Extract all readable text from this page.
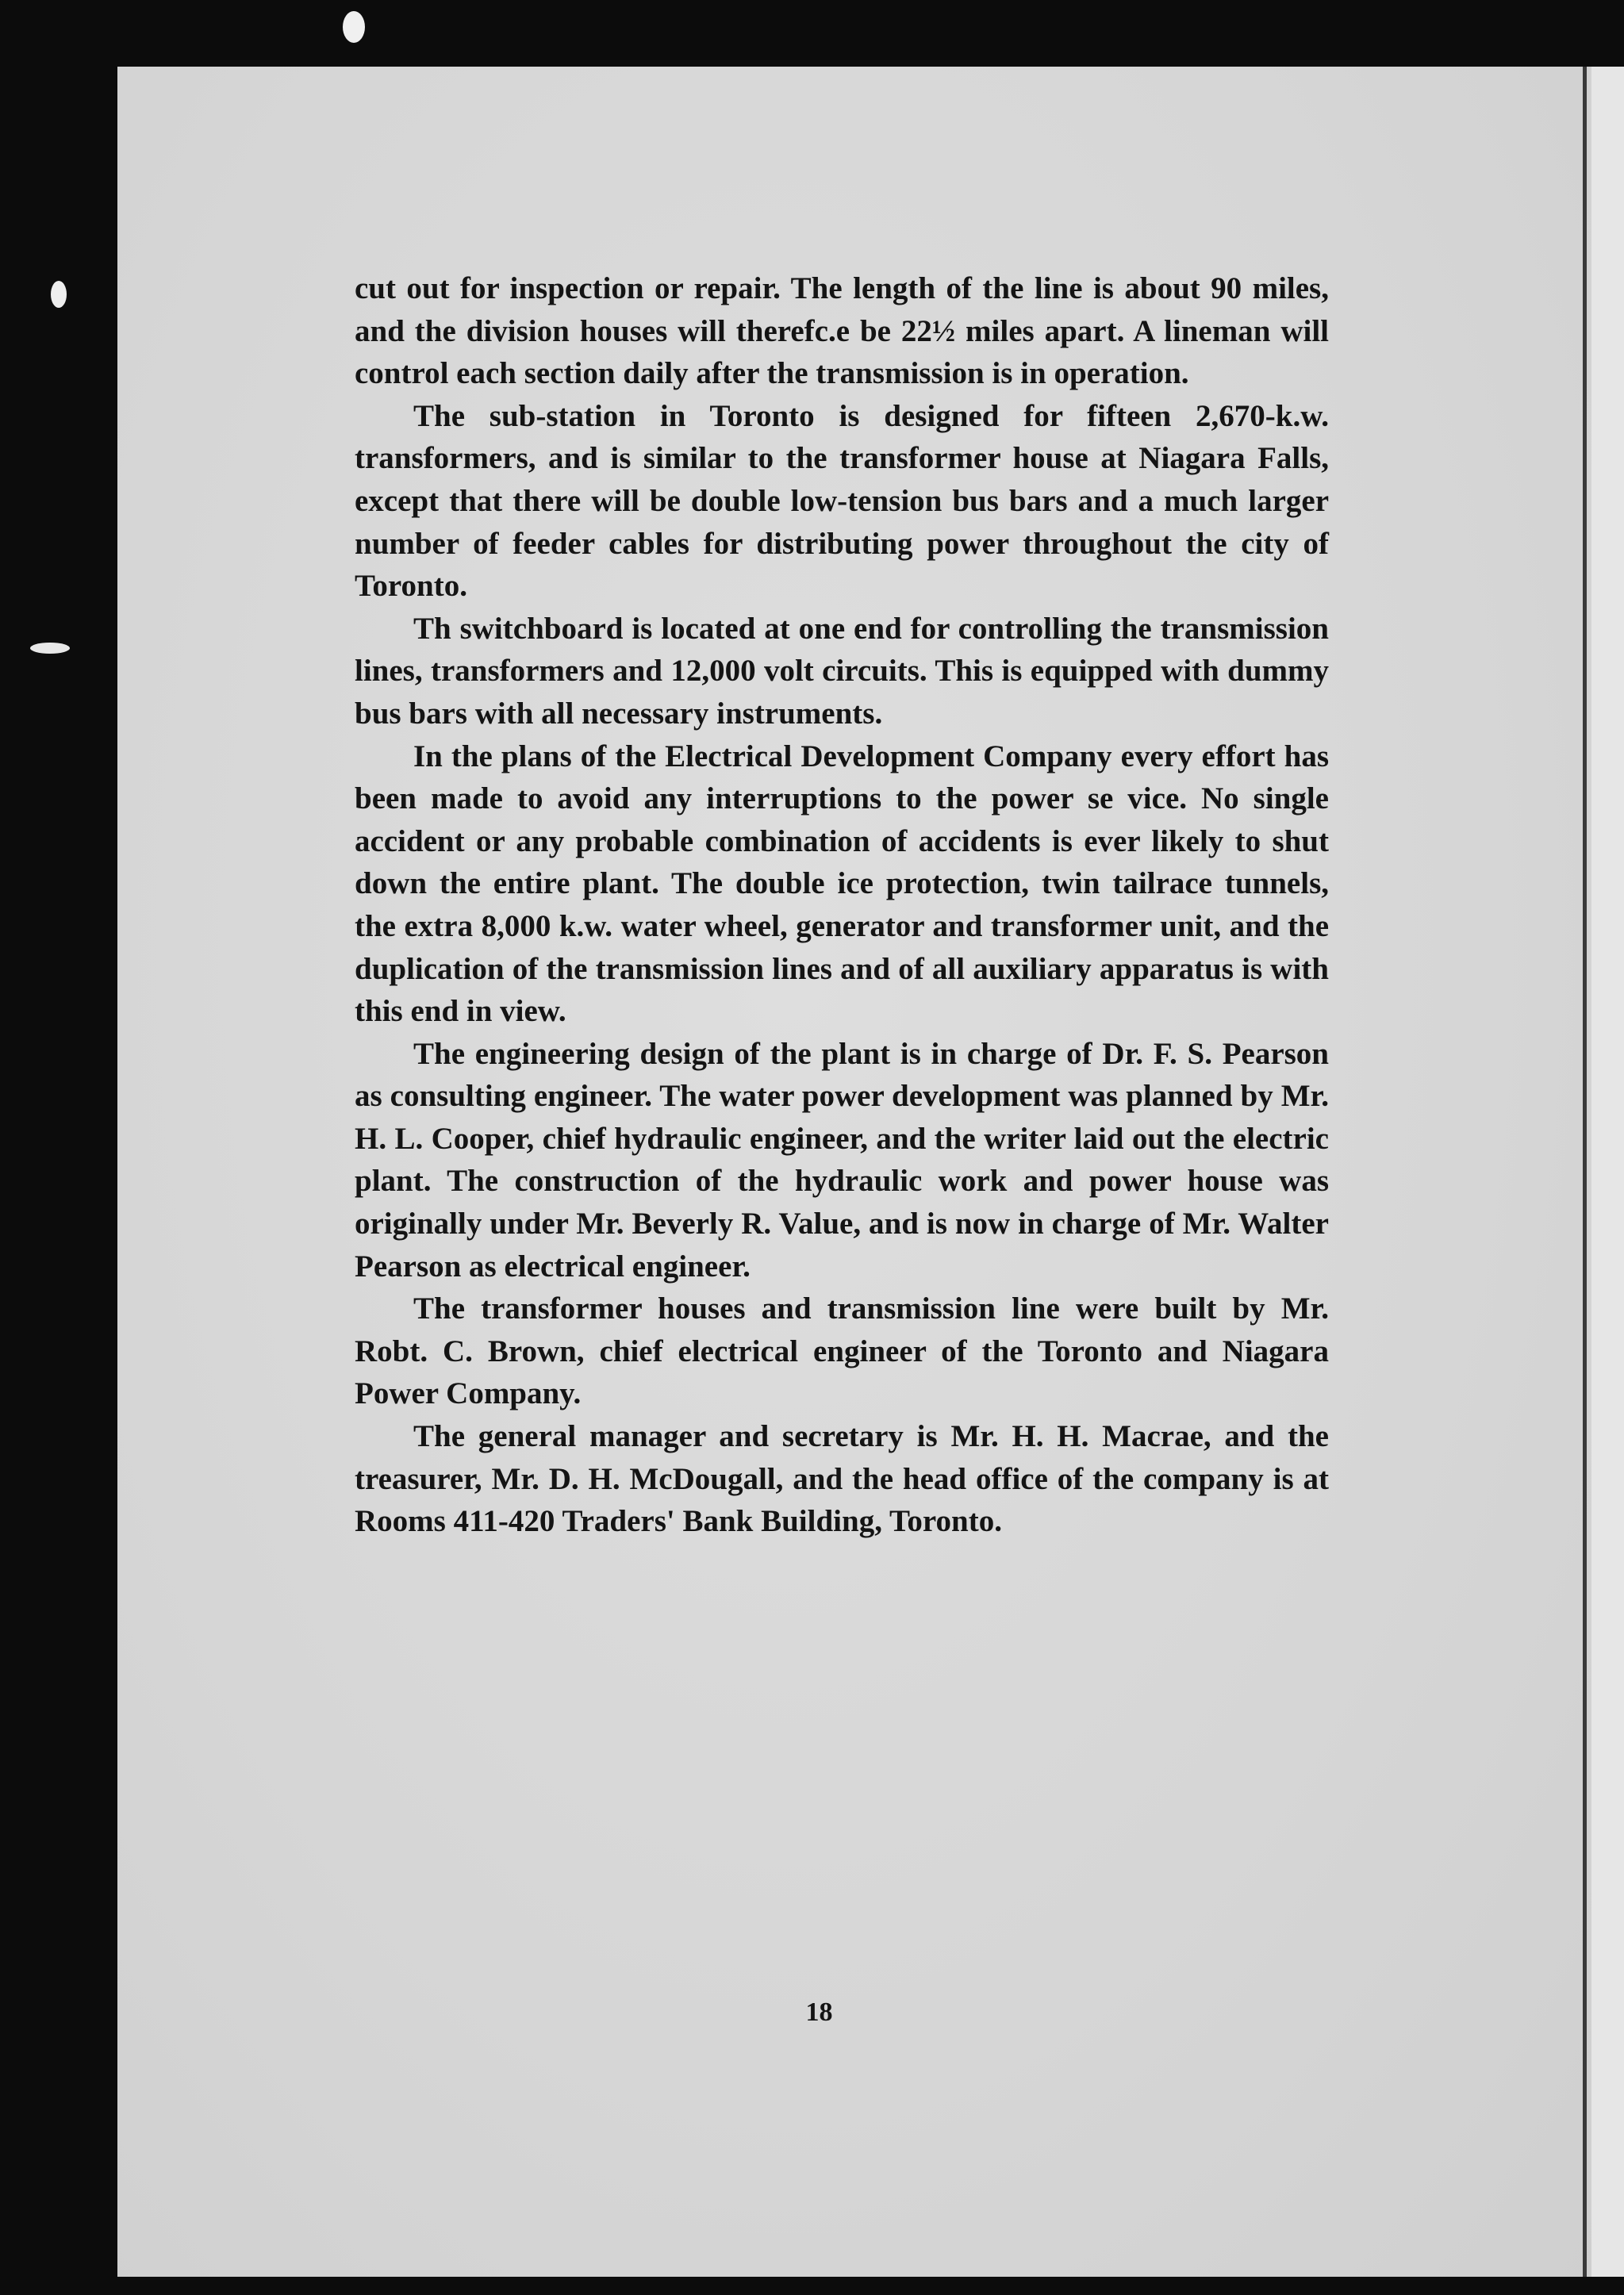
cut out for inspection or repair. The length of the line is about 90 miles, and the division houses will therefc.e be 22½ miles apart. A lineman will control each section daily after the transmission is in operation.

The sub-station in Toronto is designed for fifteen 2,670-k.w. transformers, and is similar to the transformer house at Niagara Falls, except that there will be double low-tension bus bars and a much larger number of feeder cables for distributing power throughout the city of Toronto.

Th switchboard is located at one end for controlling the transmission lines, transformers and 12,000 volt circuits. This is equipped with dummy bus bars with all necessary instruments.

In the plans of the Electrical Development Company every effort has been made to avoid any interruptions to the power se vice. No single accident or any probable combination of accidents is ever likely to shut down the entire plant. The double ice protection, twin tailrace tunnels, the extra 8,000 k.w. water wheel, generator and transformer unit, and the duplication of the transmission lines and of all auxiliary apparatus is with this end in view.

The engineering design of the plant is in charge of Dr. F. S. Pearson as consulting engineer. The water power development was planned by Mr. H. L. Cooper, chief hydraulic engineer, and the writer laid out the electric plant. The construction of the hydraulic work and power house was originally under Mr. Beverly R. Value, and is now in charge of Mr. Walter Pearson as electrical engineer.

The transformer houses and transmission line were built by Mr. Robt. C. Brown, chief electrical engineer of the Toronto and Niagara Power Company.

The general manager and secretary is Mr. H. H. Macrae, and the treasurer, Mr. D. H. McDougall, and the head office of the company is at Rooms 411-420 Traders' Bank Building, Toronto.

18
